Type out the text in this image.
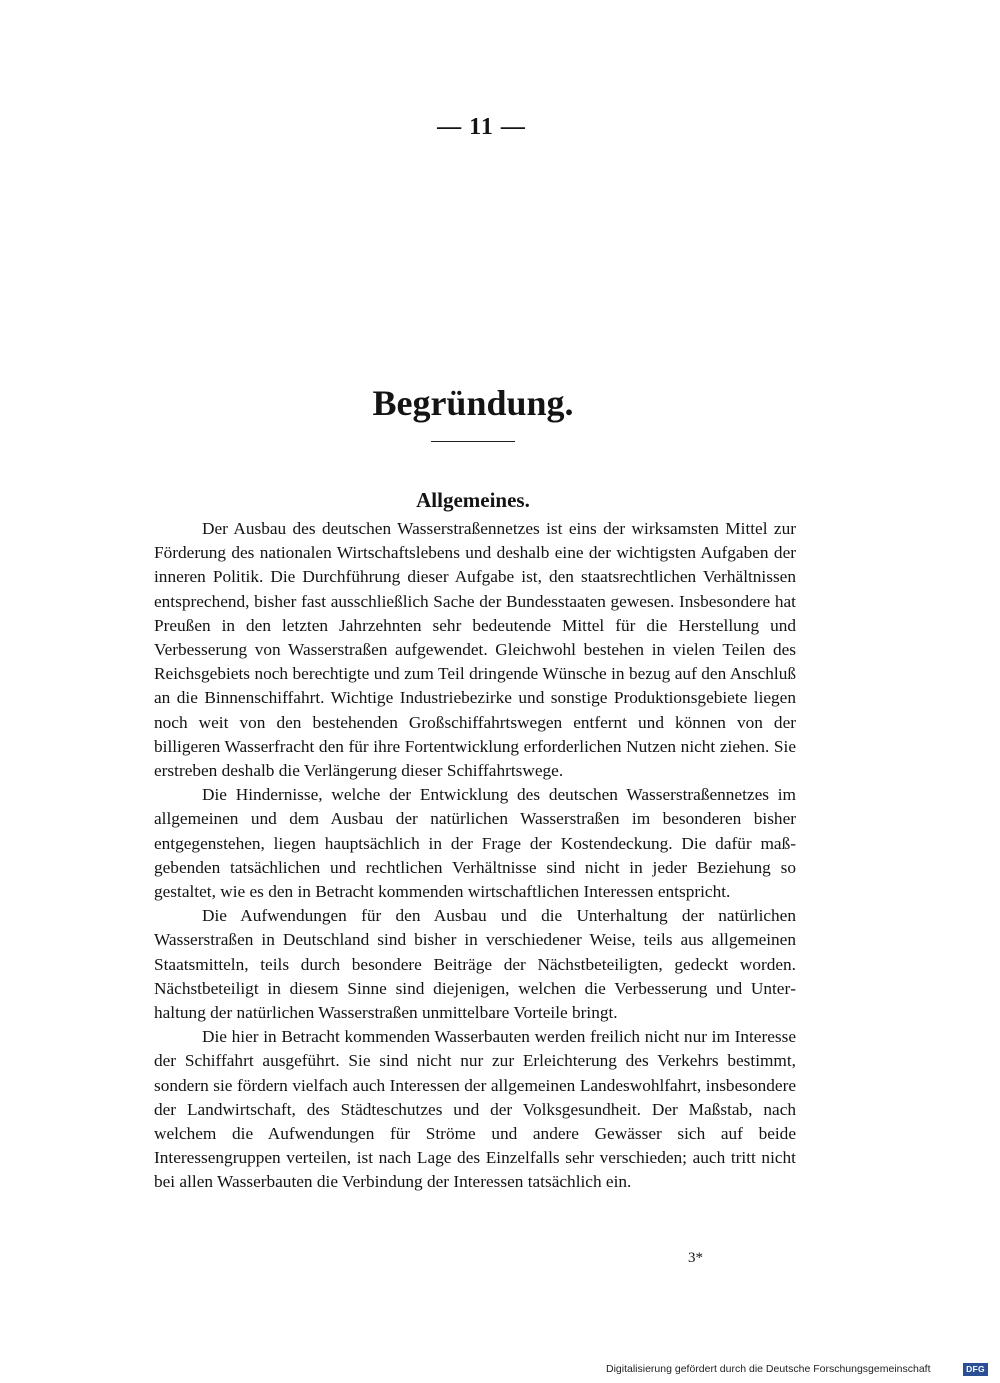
— 11 —
Begründung.
Allgemeines.

Der Ausbau des deutschen Wasserstraßennetzes ist eins der wirksamsten Mittel zur Förderung des nationalen Wirtschaftslebens und deshalb eine der wichtigsten Aufgaben der inneren Politik. Die Durchführung dieser Aufgabe ist, den staatsrechtlichen Verhältnissen entsprechend, bisher fast ausschließlich Sache der Bundesstaaten gewesen. Insbesondere hat Preußen in den letzten Jahrzehnten sehr bedeutende Mittel für die Herstellung und Verbesserung von Wasserstraßen aufgewendet. Gleichwohl bestehen in vielen Teilen des Reichsgebiets noch berechtigte und zum Teil dringende Wünsche in bezug auf den Anschluß an die Binnenschiffahrt. Wichtige Industriebezirke und sonstige Produktionsgebiete liegen noch weit von den bestehenden Großschiffahrtswegen entfernt und können von der billigeren Wasserfracht den für ihre Fortentwicklung erforderlichen Nutzen nicht ziehen. Sie erstreben deshalb die Verlängerung dieser Schiffahrtswege.

Die Hindernisse, welche der Entwicklung des deutschen Wasserstraßennetzes im allgemeinen und dem Ausbau der natürlichen Wasserstraßen im besonderen bisher entgegenstehen, liegen hauptsächlich in der Frage der Kostendeckung. Die dafür maßgebenden tatsächlichen und rechtlichen Verhältnisse sind nicht in jeder Beziehung so gestaltet, wie es den in Betracht kommenden wirtschaftlichen Interessen entspricht.

Die Aufwendungen für den Ausbau und die Unterhaltung der natürlichen Wasserstraßen in Deutschland sind bisher in verschiedener Weise, teils aus allgemeinen Staatsmitteln, teils durch besondere Beiträge der Nächstbeteiligten, gedeckt worden. Nächstbeteiligt in diesem Sinne sind diejenigen, welchen die Verbesserung und Unterhaltung der natürlichen Wasserstraßen unmittelbare Vorteile bringt.

Die hier in Betracht kommenden Wasserbauten werden freilich nicht nur im Interesse der Schiffahrt ausgeführt. Sie sind nicht nur zur Erleichterung des Verkehrs bestimmt, sondern sie fördern vielfach auch Interessen der allgemeinen Landeswohlfahrt, insbesondere der Landwirtschaft, des Städteschutzes und der Volksgesundheit. Der Maßstab, nach welchem die Aufwendungen für Ströme und andere Gewässer sich auf beide Interessengruppen verteilen, ist nach Lage des Einzelfalls sehr verschieden; auch tritt nicht bei allen Wasserbauten die Verbindung der Interessen tatsächlich ein.

3*
Digitalisierung gefördert durch die Deutsche Forschungsgemeinschaft	DFG
